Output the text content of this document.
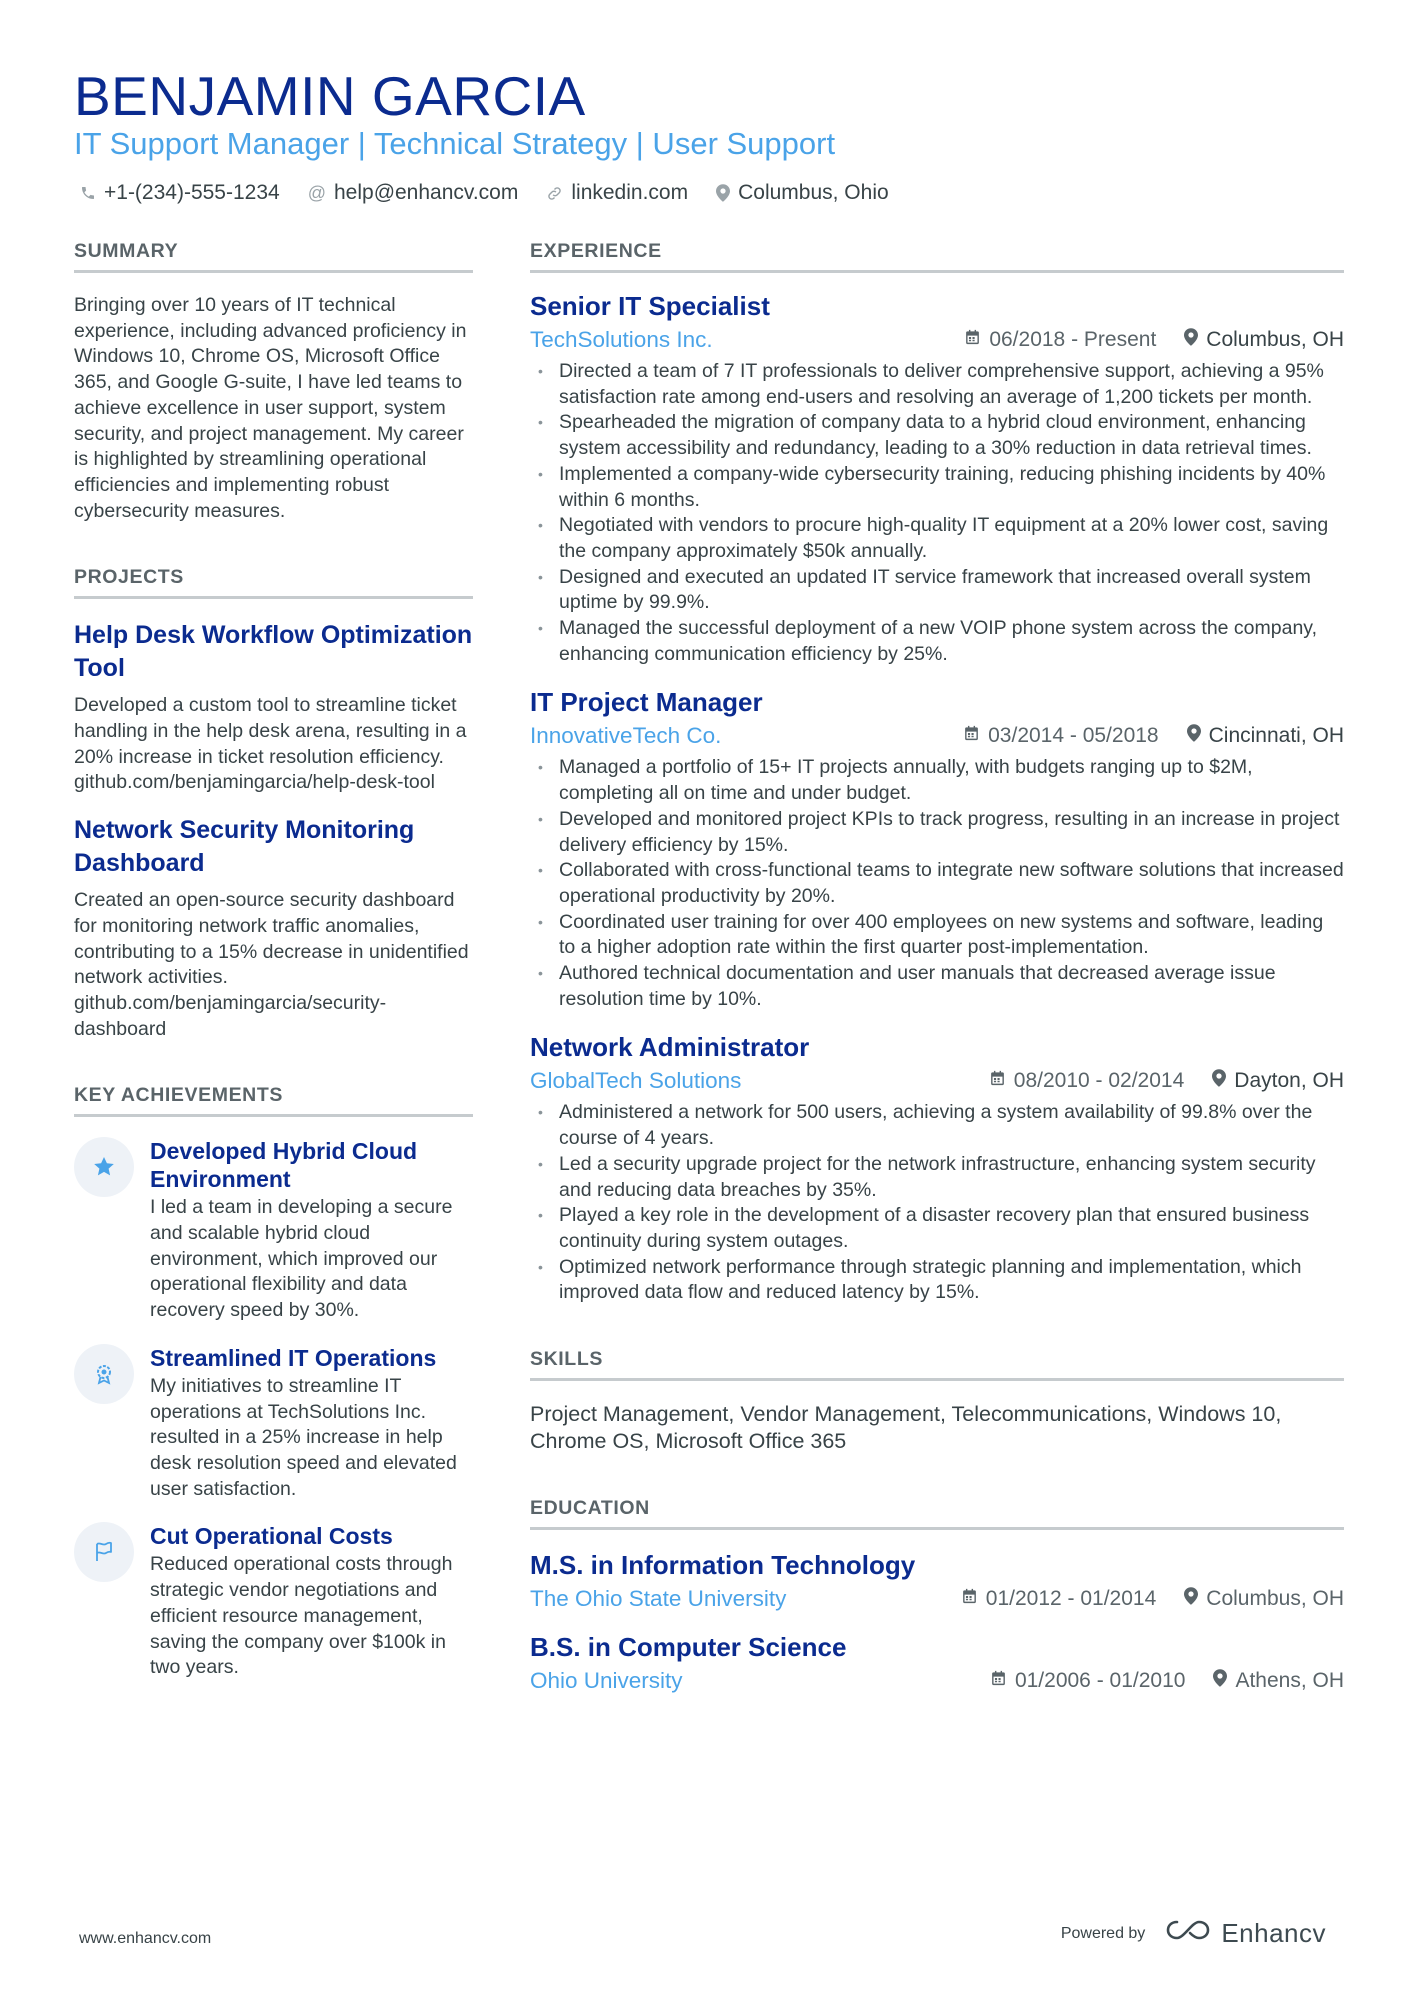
BENJAMIN GARCIA
IT Support Manager | Technical Strategy | User Support
+1-(234)-555-1234 @ help@enhancv.com	linkedin.com Columbus, Ohio
SUMMARY

Bringing over 10 years of IT technical experience, including advanced proficiency in Windows 10, Chrome OS, Microsoft Office 365, and Google G-suite, I have led teams to achieve excellence in user support, system security, and project management. My career is highlighted by streamlining operational efficiencies and implementing robust cybersecurity measures.

PROJECTS
Help Desk Workflow Optimization Tool

Developed a custom tool to streamline ticket handling in the help desk arena, resulting in a 20% increase in ticket resolution efficiency. github.com/benjamingarcia/help-desk-tool

Network Security Monitoring Dashboard

Created an open-source security dashboard for monitoring network traffic anomalies, contributing to a 15% decrease in unidentified network activities. github.com/benjamingarcia/security-dashboard

KEY ACHIEVEMENTS
Developed Hybrid Cloud Environment

I led a team in developing a secure and scalable hybrid cloud environment, which improved our operational flexibility and data recovery speed by 30%.

Streamlined IT Operations

My initiatives to streamline IT operations at TechSolutions Inc. resulted in a 25% increase in help desk resolution speed and elevated user satisfaction.

Cut Operational Costs

Reduced operational costs through strategic vendor negotiations and efficient resource management, saving the company over $100k in two years.

EXPERIENCE
Senior IT Specialist
TechSolutions Inc.	06/2018 - Present Columbus, OH
• Directed a team of 7 IT professionals to deliver comprehensive support, achieving a 95% satisfaction rate among end-users and resolving an average of 1,200 tickets per month.
• Spearheaded the migration of company data to a hybrid cloud environment, enhancing system accessibility and redundancy, leading to a 30% reduction in data retrieval times.
• Implemented a company-wide cybersecurity training, reducing phishing incidents by 40% within 6 months.
• Negotiated with vendors to procure high-quality IT equipment at a 20% lower cost, saving the company approximately $50k annually.
• Designed and executed an updated IT service framework that increased overall system uptime by 99.9%.
• Managed the successful deployment of a new VOIP phone system across the company, enhancing communication efficiency by 25%.
IT Project Manager
InnovativeTech Co.	03/2014 - 05/2018 Cincinnati, OH
• Managed a portfolio of 15+ IT projects annually, with budgets ranging up to $2M, completing all on time and under budget.
• Developed and monitored project KPIs to track progress, resulting in an increase in project delivery efficiency by 15%.
• Collaborated with cross-functional teams to integrate new software solutions that increased operational productivity by 20%.
• Coordinated user training for over 400 employees on new systems and software, leading to a higher adoption rate within the first quarter post-implementation.
• Authored technical documentation and user manuals that decreased average issue resolution time by 10%.
Network Administrator
GlobalTech Solutions	08/2010 - 02/2014 Dayton, OH
• Administered a network for 500 users, achieving a system availability of 99.8% over the course of 4 years.
• Led a security upgrade project for the network infrastructure, enhancing system security and reducing data breaches by 35%.
• Played a key role in the development of a disaster recovery plan that ensured business continuity during system outages.
• Optimized network performance through strategic planning and implementation, which improved data flow and reduced latency by 15%.
SKILLS

Project Management, Vendor Management, Telecommunications, Windows 10, Chrome OS, Microsoft Office 365

EDUCATION
M.S. in Information Technology
The Ohio State University	01/2012 - 01/2014 Columbus, OH
B.S. in Computer Science
Ohio University	01/2006 - 01/2010 Athens, OH
www.enhancv.com	Powered by	Enhancv
